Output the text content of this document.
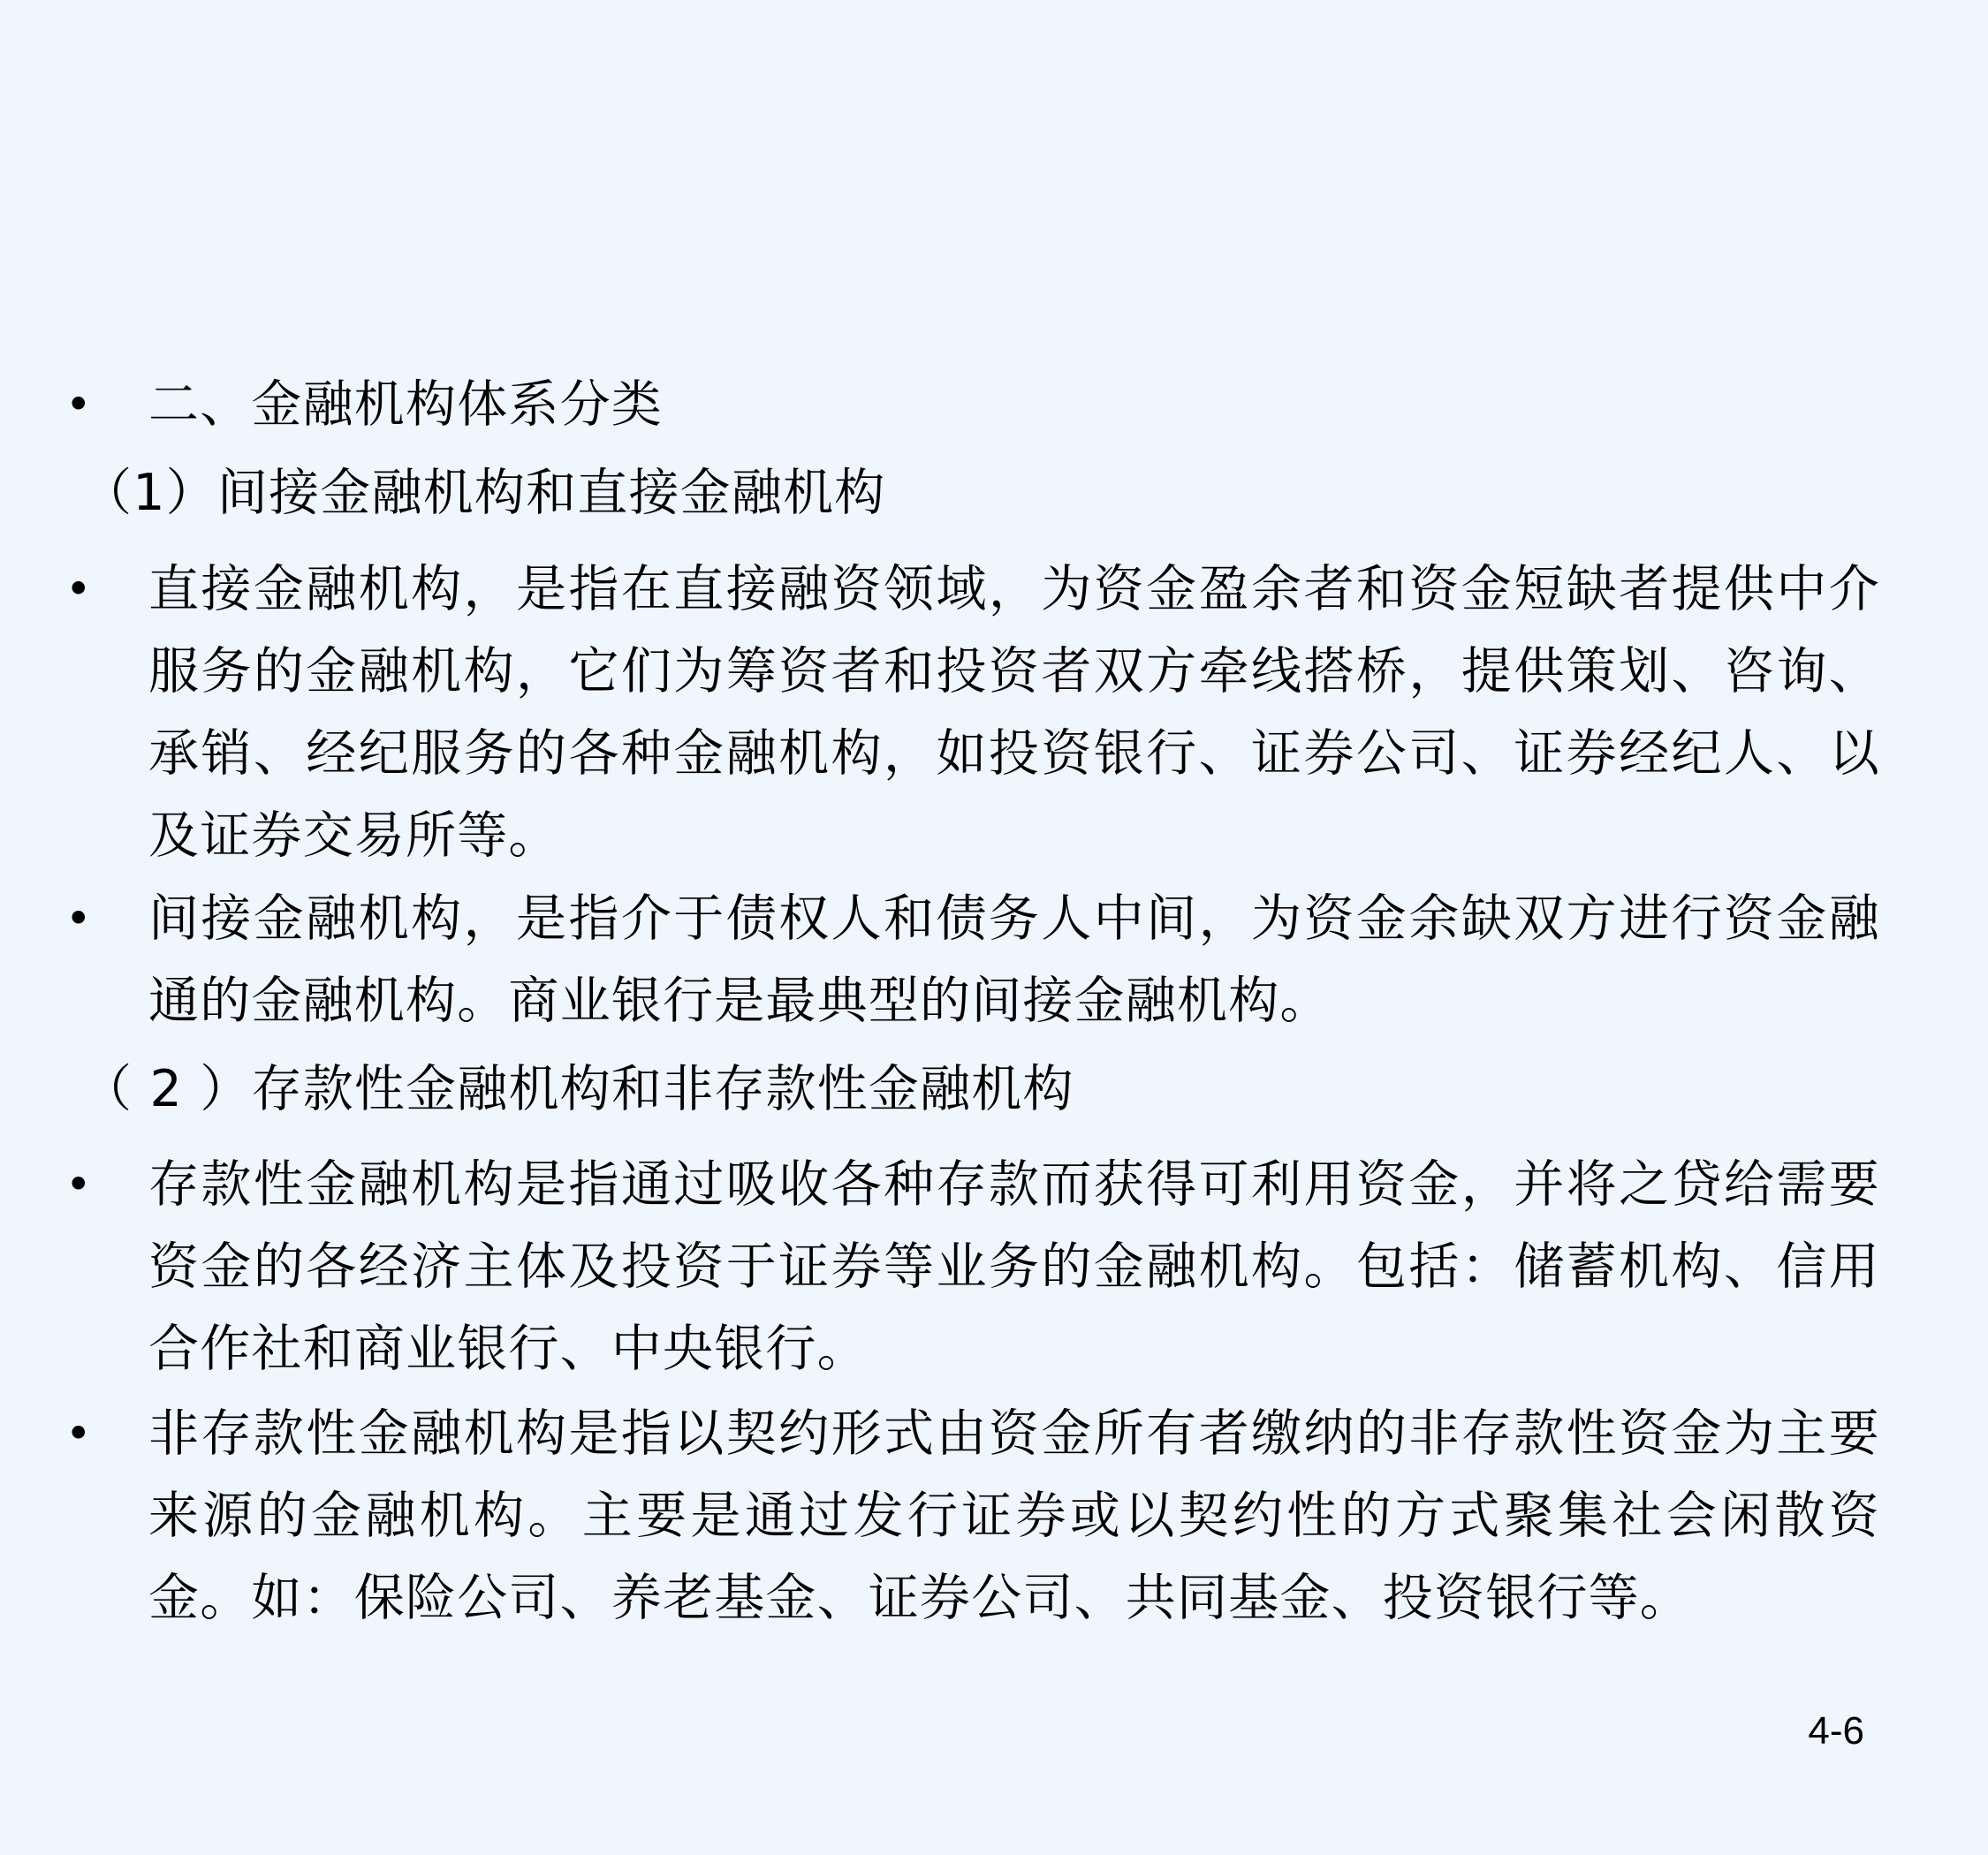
• 二、金融机构体系分类
（1）间接金融机构和直接金融机构
• 直接金融机构，是指在直接融资领域，为资金盈余者和资金短缺者提供中介服务的金融机构，它们为筹资者和投资者双方牵线搭桥，提供策划、咨询、承销、经纪服务的各种金融机构，如投资银行、证券公司、证券经纪人、以及证券交易所等。
• 间接金融机构，是指介于债权人和债务人中间，为资金余缺双方进行资金融通的金融机构。商业银行是最典型的间接金融机构。
（ 2 ）存款性金融机构和非存款性金融机构
• 存款性金融机构是指通过吸收各种存款而获得可利用资金，并将之贷给需要资金的各经济主体及投资于证券等业务的金融机构。包括：储蓄机构、信用合作社和商业银行、中央银行。
• 非存款性金融机构是指以契约形式由资金所有者缴纳的非存款性资金为主要来源的金融机构。主要是通过发行证券或以契约性的方式聚集社会闲散资金。如：保险公司、养老基金、证券公司、共同基金、投资银行等。
4-6
